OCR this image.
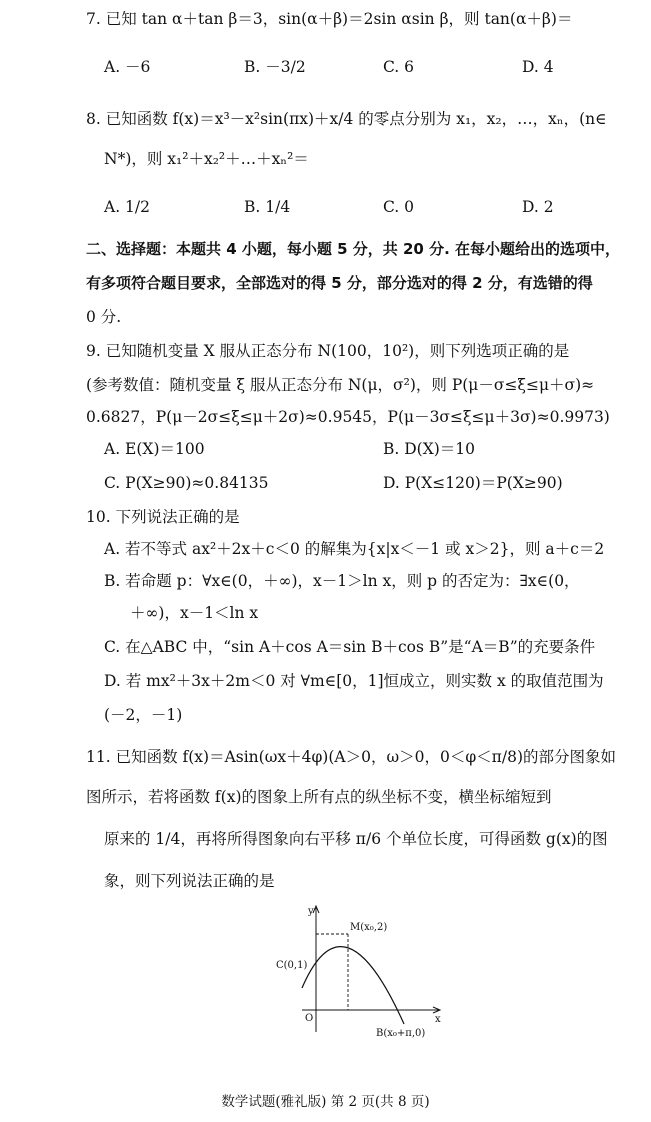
7. 已知 tan α＋tan β＝3，sin(α＋β)＝2sin αsin β，则 tan(α＋β)＝
A. －6	B. －3/2	C. 6	D. 4
8. 已知函数 f(x)＝x³－x²sin(πx)＋x/4 的零点分别为 x₁，x₂，…，xₙ，(n∈
N*)，则 x₁²＋x₂²＋…＋xₙ²＝
A. 1/2	B. 1/4	C. 0	D. 2
二、选择题：本题共 4 小题，每小题 5 分，共 20 分. 在每小题给出的选项中，
有多项符合题目要求，全部选对的得 5 分，部分选对的得 2 分，有选错的得
0 分.
9. 已知随机变量 X 服从正态分布 N(100，10²)，则下列选项正确的是
(参考数值：随机变量 ξ 服从正态分布 N(μ，σ²)，则 P(μ－σ≤ξ≤μ＋σ)≈
0.6827，P(μ－2σ≤ξ≤μ＋2σ)≈0.9545，P(μ－3σ≤ξ≤μ＋3σ)≈0.9973)
A. E(X)＝100	B. D(X)＝10
C. P(X≥90)≈0.84135	D. P(X≤120)＝P(X≥90)
10. 下列说法正确的是
A. 若不等式 ax²＋2x＋c＜0 的解集为{x|x＜－1 或 x＞2}，则 a＋c＝2
B. 若命题 p：∀x∈(0，＋∞)，x－1＞ln x，则 p 的否定为：∃x∈(0，
＋∞)，x－1＜ln x
C. 在△ABC 中，“sin A＋cos A＝sin B＋cos B”是“A＝B”的充要条件
D. 若 mx²＋3x＋2m＜0 对 ∀m∈[0，1]恒成立，则实数 x 的取值范围为
(－2，－1)
11. 已知函数 f(x)＝Asin(ωx＋4φ)(A＞0，ω＞0，0＜φ＜π/8)的部分图象如
图所示，若将函数 f(x)的图象上所有点的纵坐标不变，横坐标缩短到
原来的 1/4，再将所得图象向右平移 π/6 个单位长度，可得函数 g(x)的图
象，则下列说法正确的是
y
x
M(x₀,2)
C(0,1)
O
B(x₀+π,0)
数学试题(雅礼版) 第 2 页(共 8 页)
